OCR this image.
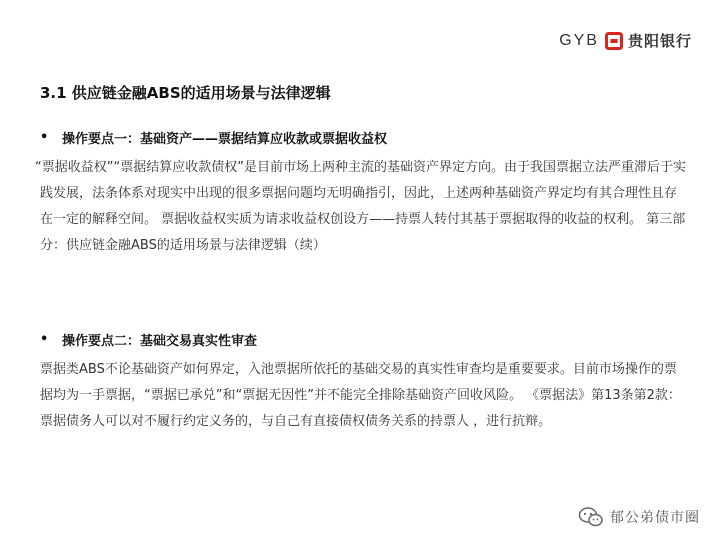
GYB 贵阳银行
3.1 供应链金融ABS的适用场景与法律逻辑
•	操作要点一：基础资产——票据结算应收款或票据收益权
“票据收益权”“票据结算应收款债权”是目前市场上两种主流的基础资产界定方向。由于我国票据立法严重滞后于实践发展，法条体系对现实中出现的很多票据问题均无明确指引，因此，上述两种基础资产界定均有其合理性且存在一定的解释空间。 票据收益权实质为请求收益权创设方——持票人转付其基于票据取得的收益的权利。 第三部分：供应链金融ABS的适用场景与法律逻辑（续）
•	操作要点二：基础交易真实性审查
票据类ABS不论基础资产如何界定，入池票据所依托的基础交易的真实性审查均是重要要求。目前市场操作的票据均为一手票据，“票据已承兑”和“票据无因性”并不能完全排除基础资产回收风险。 《票据法》第13条第2款：票据债务人可以对不履行约定义务的，与自己有直接债权债务关系的持票人 ，进行抗辩。
郁公弟债市圈
